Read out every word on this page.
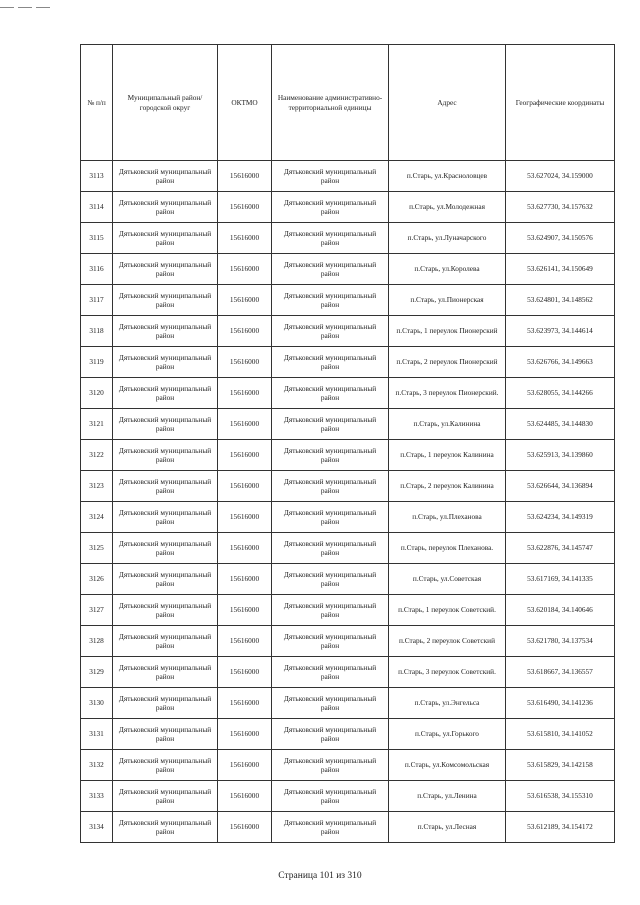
№ п/п	Муниципальный район/городской округ	ОКТМО	Наименование административно-территориальной единицы	Адрес	Географические координаты
3113	Дятьковский муниципальный район	15616000	Дятьковский муниципальный район	п.Старь, ул.Красноловцев	53.627024, 34.159000
3114	Дятьковский муниципальный район	15616000	Дятьковский муниципальный район	п.Старь, ул.Молодежная	53.627730, 34.157632
3115	Дятьковский муниципальный район	15616000	Дятьковский муниципальный район	п.Старь, ул.Луначарского	53.624907, 34.150576
3116	Дятьковский муниципальный район	15616000	Дятьковский муниципальный район	п.Старь, ул.Королева	53.626141, 34.150649
3117	Дятьковский муниципальный район	15616000	Дятьковский муниципальный район	п.Старь, ул.Пионерская	53.624801, 34.148562
3118	Дятьковский муниципальный район	15616000	Дятьковский муниципальный район	п.Старь, 1 переулок Пионерский	53.623973, 34.144614
3119	Дятьковский муниципальный район	15616000	Дятьковский муниципальный район	п.Старь, 2 переулок Пионерский	53.626766, 34.149663
3120	Дятьковский муниципальный район	15616000	Дятьковский муниципальный район	п.Старь, 3 переулок Пионерский.	53.628055, 34.144266
3121	Дятьковский муниципальный район	15616000	Дятьковский муниципальный район	п.Старь, ул.Калинина	53.624485, 34.144830
3122	Дятьковский муниципальный район	15616000	Дятьковский муниципальный район	п.Старь, 1 переулок Калинина	53.625913, 34.139860
3123	Дятьковский муниципальный район	15616000	Дятьковский муниципальный район	п.Старь, 2 переулок Калинина	53.626644, 34.136894
3124	Дятьковский муниципальный район	15616000	Дятьковский муниципальный район	п.Старь, ул.Плеханова	53.624234, 34.149319
3125	Дятьковский муниципальный район	15616000	Дятьковский муниципальный район	п.Старь, переулок Плеханова.	53.622876, 34.145747
3126	Дятьковский муниципальный район	15616000	Дятьковский муниципальный район	п.Старь, ул.Советская	53.617169, 34.141335
3127	Дятьковский муниципальный район	15616000	Дятьковский муниципальный район	п.Старь, 1 переулок Советский.	53.620184, 34.140646
3128	Дятьковский муниципальный район	15616000	Дятьковский муниципальный район	п.Старь, 2 переулок Советский	53.621780, 34.137534
3129	Дятьковский муниципальный район	15616000	Дятьковский муниципальный район	п.Старь, 3 переулок Советский.	53.618667, 34.136557
3130	Дятьковский муниципальный район	15616000	Дятьковский муниципальный район	п.Старь, ул.Энгельса	53.616490, 34.141236
3131	Дятьковский муниципальный район	15616000	Дятьковский муниципальный район	п.Старь, ул.Горького	53.615810, 34.141052
3132	Дятьковский муниципальный район	15616000	Дятьковский муниципальный район	п.Старь, ул.Комсомольская	53.615829, 34.142158
3133	Дятьковский муниципальный район	15616000	Дятьковский муниципальный район	п.Старь, ул.Ленина	53.616538, 34.155310
3134	Дятьковский муниципальный район	15616000	Дятьковский муниципальный район	п.Старь, ул.Лесная	53.612189, 34.154172
Страница 101 из 310
